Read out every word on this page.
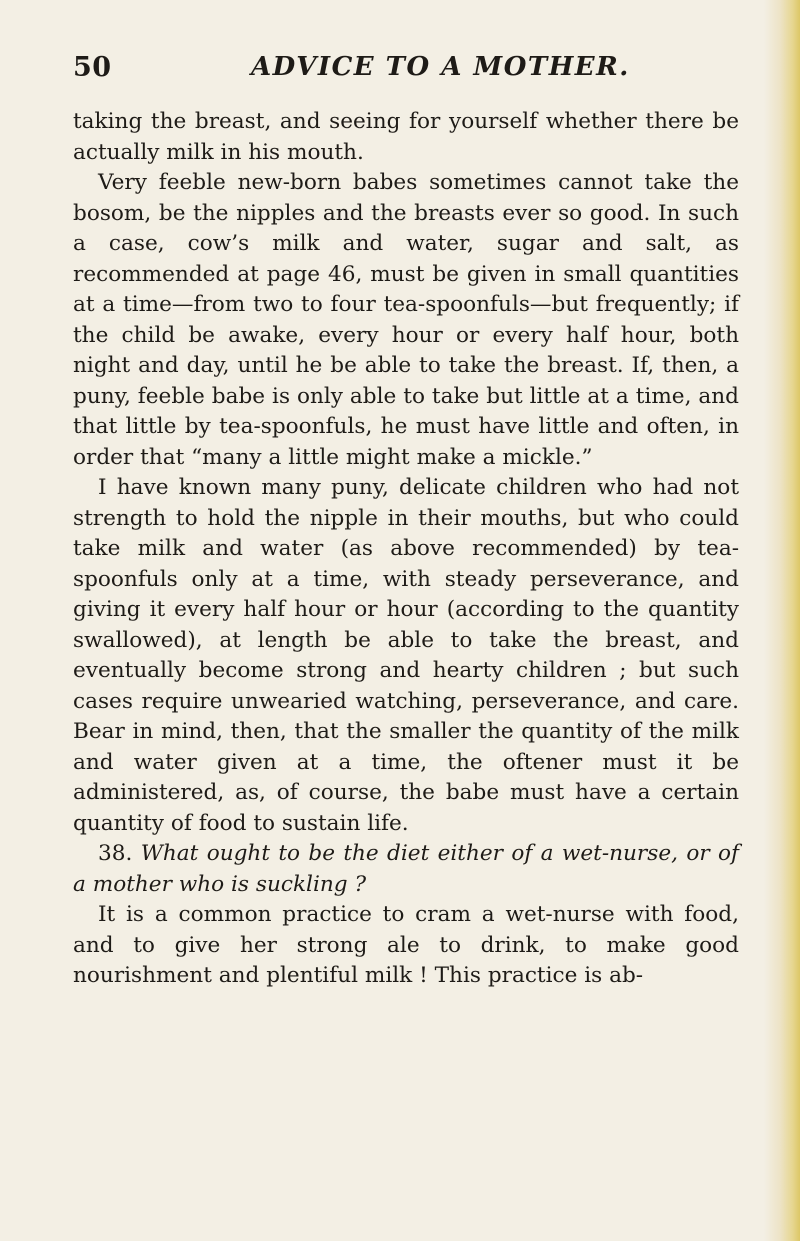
50	ADVICE TO A MOTHER.

taking the breast, and seeing for yourself whether there be actually milk in his mouth.

Very feeble new-born babes sometimes cannot take the bosom, be the nipples and the breasts ever so good. In such a case, cow’s milk and water, sugar and salt, as recommended at page 46, must be given in small quantities at a time—from two to four tea-spoonfuls—but frequently; if the child be awake, every hour or every half hour, both night and day, until he be able to take the breast. If, then, a puny, feeble babe is only able to take but little at a time, and that little by tea-spoonfuls, he must have little and often, in order that “many a little might make a mickle.”

I have known many puny, delicate children who had not strength to hold the nipple in their mouths, but who could take milk and water (as above recommended) by tea-spoonfuls only at a time, with steady perseverance, and giving it every half hour or hour (according to the quantity swallowed), at length be able to take the breast, and eventually become strong and hearty children ; but such cases require unwearied watching, perseverance, and care. Bear in mind, then, that the smaller the quantity of the milk and water given at a time, the oftener must it be administered, as, of course, the babe must have a certain quantity of food to sustain life.

38. What ought to be the diet either of a wet-nurse, or of a mother who is suckling ?

It is a common practice to cram a wet-nurse with food, and to give her strong ale to drink, to make good nourishment and plentiful milk ! This practice is ab-
